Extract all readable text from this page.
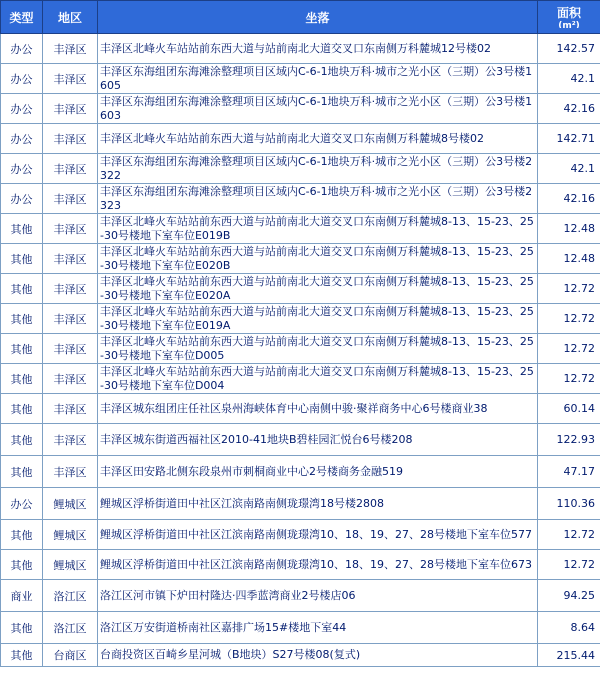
类型	地区	坐落	面积
(m²)

办公	丰泽区	丰泽区北峰火车站站前东西大道与站前南北大道交叉口东南侧万科麓城12号楼02	142.57
办公	丰泽区	丰泽区东海组团东海滩涂整理项目区域内C-6-1地块万科·城市之光小区（三期）公3号楼1605	42.1
办公	丰泽区	丰泽区东海组团东海滩涂整理项目区域内C-6-1地块万科·城市之光小区（三期）公3号楼1603	42.16
办公	丰泽区	丰泽区北峰火车站站前东西大道与站前南北大道交叉口东南侧万科麓城8号楼02	142.71
办公	丰泽区	丰泽区东海组团东海滩涂整理项目区域内C-6-1地块万科·城市之光小区（三期）公3号楼2322	42.1
办公	丰泽区	丰泽区东海组团东海滩涂整理项目区域内C-6-1地块万科·城市之光小区（三期）公3号楼2323	42.16
其他	丰泽区	丰泽区北峰火车站站前东西大道与站前南北大道交叉口东南侧万科麓城8-13、15-23、25-30号楼地下室车位E019B	12.48
其他	丰泽区	丰泽区北峰火车站站前东西大道与站前南北大道交叉口东南侧万科麓城8-13、15-23、25-30号楼地下室车位E020B	12.48
其他	丰泽区	丰泽区北峰火车站站前东西大道与站前南北大道交叉口东南侧万科麓城8-13、15-23、25-30号楼地下室车位E020A	12.72
其他	丰泽区	丰泽区北峰火车站站前东西大道与站前南北大道交叉口东南侧万科麓城8-13、15-23、25-30号楼地下室车位E019A	12.72
其他	丰泽区	丰泽区北峰火车站站前东西大道与站前南北大道交叉口东南侧万科麓城8-13、15-23、25-30号楼地下室车位D005	12.72
其他	丰泽区	丰泽区北峰火车站站前东西大道与站前南北大道交叉口东南侧万科麓城8-13、15-23、25-30号楼地下室车位D004	12.72
其他	丰泽区	丰泽区城东组团庄任社区泉州海峡体育中心南侧中骏·聚祥商务中心6号楼商业38	60.14
其他	丰泽区	丰泽区城东街道西福社区2010-41地块B碧桂园汇悦台6号楼208	122.93
其他	丰泽区	丰泽区田安路北侧东段泉州市刺桐商业中心2号楼商务金融519	47.17
办公	鲤城区	鲤城区浮桥街道田中社区江滨南路南侧珑璟湾18号楼2808	110.36
其他	鲤城区	鲤城区浮桥街道田中社区江滨南路南侧珑璟湾10、18、19、27、28号楼地下室车位577	12.72
其他	鲤城区	鲤城区浮桥街道田中社区江滨南路南侧珑璟湾10、18、19、27、28号楼地下室车位673	12.72
商业	洛江区	洛江区河市镇下炉田村隆达·四季蓝湾商业2号楼店06	94.25
其他	洛江区	洛江区万安街道桥南社区嘉排广场15#楼地下室44	8.64
其他	台商区	台商投资区百崎乡星河城（B地块）S27号楼08(复式)	215.44
